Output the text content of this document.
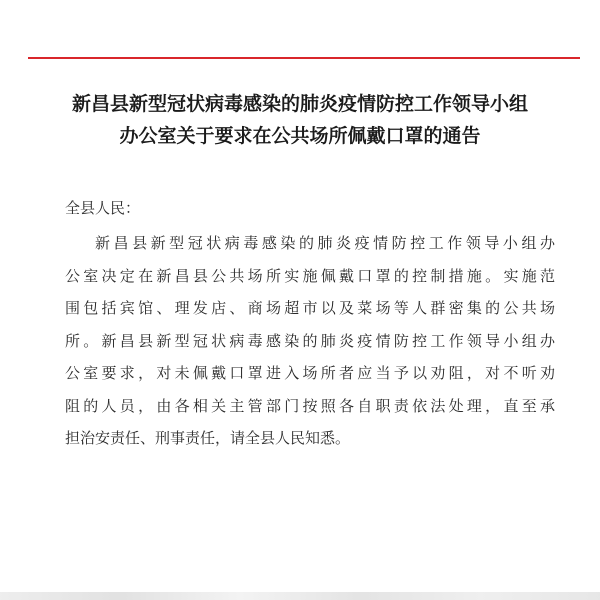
新昌县新型冠状病毒感染的肺炎疫情防控工作领导小组
办公室关于要求在公共场所佩戴口罩的通告
全县人民：
新昌县新型冠状病毒感染的肺炎疫情防控工作领导小组办
公室决定在新昌县公共场所实施佩戴口罩的控制措施。实施范
围包括宾馆、理发店、商场超市以及菜场等人群密集的公共场
所。新昌县新型冠状病毒感染的肺炎疫情防控工作领导小组办
公室要求，对未佩戴口罩进入场所者应当予以劝阻，对不听劝
阻的人员，由各相关主管部门按照各自职责依法处理，直至承
担治安责任、刑事责任，请全县人民知悉。
